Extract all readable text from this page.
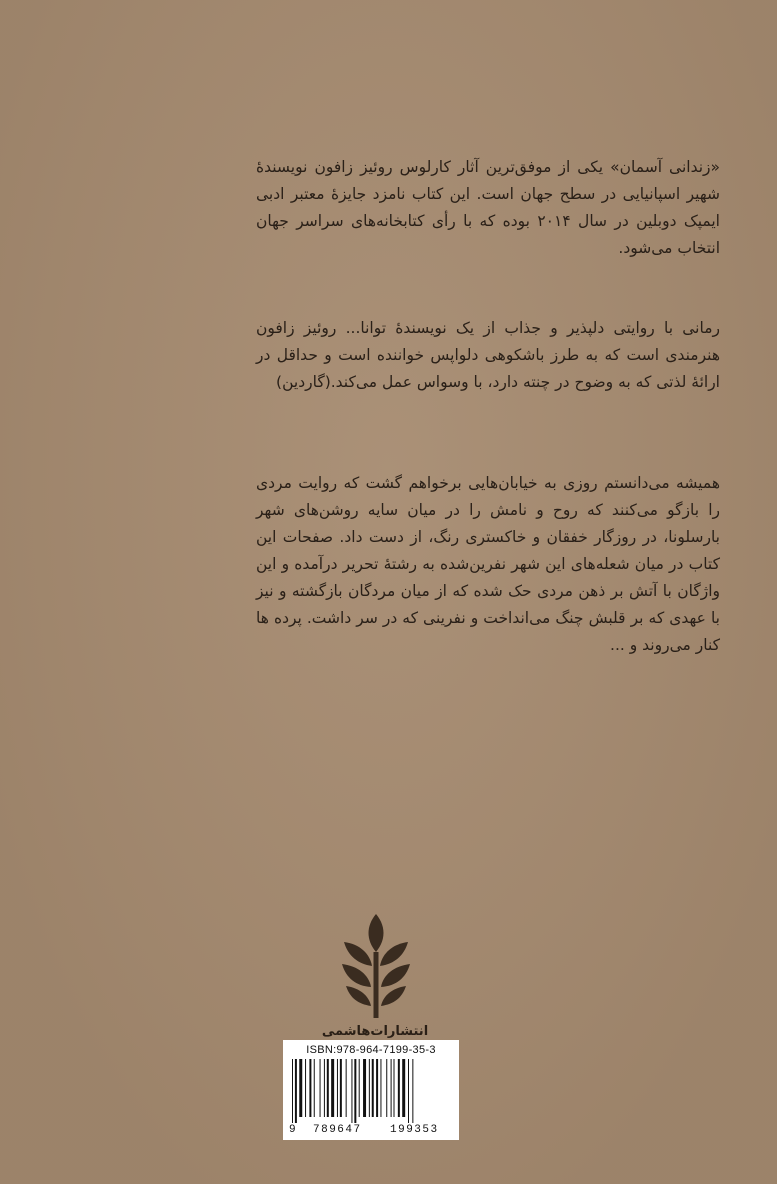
«زندانی آسمان» یکی از موفق‌ترین آثار کارلوس روئیز زافون نویسندهٔ شهیر اسپانیایی در سطح جهان است. این کتاب نامزد جایزهٔ معتبر ادبی ایمپک دوبلین در سال ۲۰۱۴ بوده که با رأی کتابخانه‌های سراسر جهان انتخاب می‌شود.

رمانی با روایتی دلپذیر و جذاب از یک نویسندهٔ توانا... روئیز زافون هنرمندی است که به طرز باشکوهی دلواپس خواننده است و حداقل در ارائهٔ لذتی که به وضوح در چنته دارد، با وسواس عمل می‌کند.(گاردین)

همیشه می‌دانستم روزی به خیابان‌هایی برخواهم گشت که روایت مردی را بازگو می‌کنند که روح و نامش را در میان سایه روشن‌های شهر بارسلونا، در روزگار خفقان و خاکستری رنگ، از دست داد. صفحات این کتاب در میان شعله‌های این شهر نفرین‌شده به رشتهٔ تحریر درآمده و این واژگان با آتش بر ذهن مردی حک شده که از میان مردگان بازگشته و نیز با عهدی که بر قلبش چنگ می‌انداخت و نفرینی که در سر داشت. پرده ها کنار می‌روند و ...

انتشارات‌هاشمی
ISBN:978-964-7199-35-3
9 789647	199353
